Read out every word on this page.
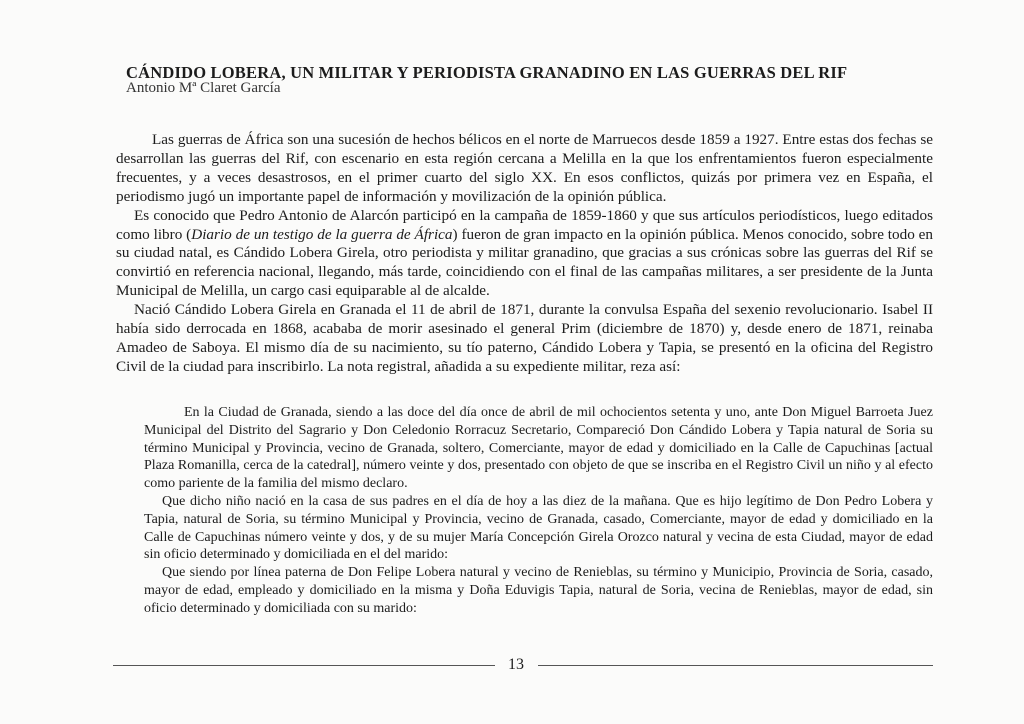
CÁNDIDO LOBERA, UN MILITAR Y PERIODISTA GRANADINO EN LAS GUERRAS DEL RIF
Antonio Mª Claret García

Las guerras de África son una sucesión de hechos bélicos en el norte de Marruecos desde 1859 a 1927. Entre estas dos fechas se desarrollan las guerras del Rif, con escenario en esta región cercana a Melilla en la que los enfrentamientos fueron especialmente frecuentes, y a veces desastrosos, en el primer cuarto del siglo XX. En esos conflictos, quizás por primera vez en España, el periodismo jugó un importante papel de información y movilización de la opinión pública.

Es conocido que Pedro Antonio de Alarcón participó en la campaña de 1859-1860 y que sus artículos periodísticos, luego editados como libro (Diario de un testigo de la guerra de África) fueron de gran impacto en la opinión pública. Menos conocido, sobre todo en su ciudad natal, es Cándido Lobera Girela, otro periodista y militar granadino, que gracias a sus crónicas sobre las guerras del Rif se convirtió en referencia nacional, llegando, más tarde, coincidiendo con el final de las campañas militares, a ser presidente de la Junta Municipal de Melilla, un cargo casi equiparable al de alcalde.

Nació Cándido Lobera Girela en Granada el 11 de abril de 1871, durante la convulsa España del sexenio revolucionario. Isabel II había sido derrocada en 1868, acababa de morir asesinado el general Prim (diciembre de 1870) y, desde enero de 1871, reinaba Amadeo de Saboya. El mismo día de su nacimiento, su tío paterno, Cándido Lobera y Tapia, se presentó en la oficina del Registro Civil de la ciudad para inscribirlo. La nota registral, añadida a su expediente militar, reza así:

En la Ciudad de Granada, siendo a las doce del día once de abril de mil ochocientos setenta y uno, ante Don Miguel Barroeta Juez Municipal del Distrito del Sagrario y Don Celedonio Rorracuz Secretario, Compareció Don Cándido Lobera y Tapia natural de Soria su término Municipal y Provincia, vecino de Granada, soltero, Comerciante, mayor de edad y domiciliado en la Calle de Capuchinas [actual Plaza Romanilla, cerca de la catedral], número veinte y dos, presentado con objeto de que se inscriba en el Registro Civil un niño y al efecto como pariente de la familia del mismo declaro.

Que dicho niño nació en la casa de sus padres en el día de hoy a las diez de la mañana. Que es hijo legítimo de Don Pedro Lobera y Tapia, natural de Soria, su término Municipal y Provincia, vecino de Granada, casado, Comerciante, mayor de edad y domiciliado en la Calle de Capuchinas número veinte y dos, y de su mujer María Concepción Girela Orozco natural y vecina de esta Ciudad, mayor de edad sin oficio determinado y domiciliada en el del marido:

Que siendo por línea paterna de Don Felipe Lobera natural y vecino de Renieblas, su término y Municipio, Provincia de Soria, casado, mayor de edad, empleado y domiciliado en la misma y Doña Eduvigis Tapia, natural de Soria, vecina de Renieblas, mayor de edad, sin oficio determinado y domiciliada con su marido:

13
